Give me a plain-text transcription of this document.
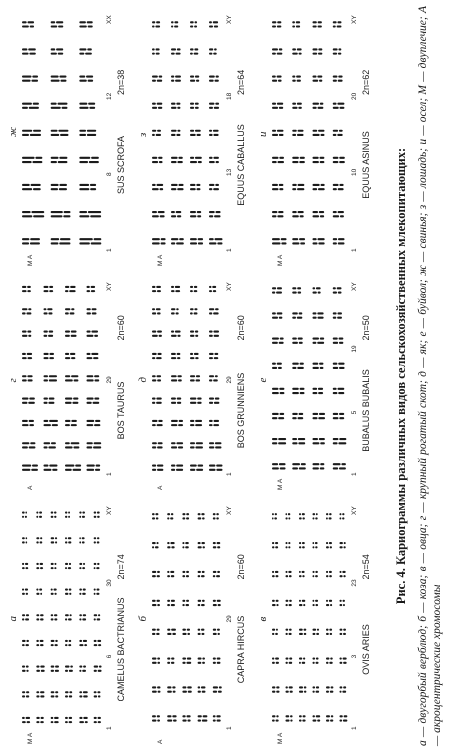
а
M A
1
6
30
XY
CAMELUS BACTRIANUS
2n=74
б
A
1
29
XY
CAPRA HIRCUS
2n=60
в
M A
1
3
23
XY
OVIS ARIES
2n=54
г
A
1
29
XY
BOS TAURUS
2n=60
д
A
1
29
XY
BOS GRUNNIENS
2n=60
е
M A
1
5
19
XY
BUBALUS BUBALIS
2n=50
ж
M A
1
8
12
XX
SUS SCROFA
2n=38
з
M A
1
13
18
XY
EQUUS CABALLUS
2n=64
и
M A
1
10
20
XY
EQUUS ASINUS
2n=62
Рис. 4. Кариограммы различных видов сельскохозяйственных млекопитающих: а — двугорбый верблюд; б — коза; в — овца; г — крупный рогатый скот; д — як; е — буйвол; ж — свинья; з — лошадь; и — осел; М — двуплечие; А — акроцентрические хромосомы
